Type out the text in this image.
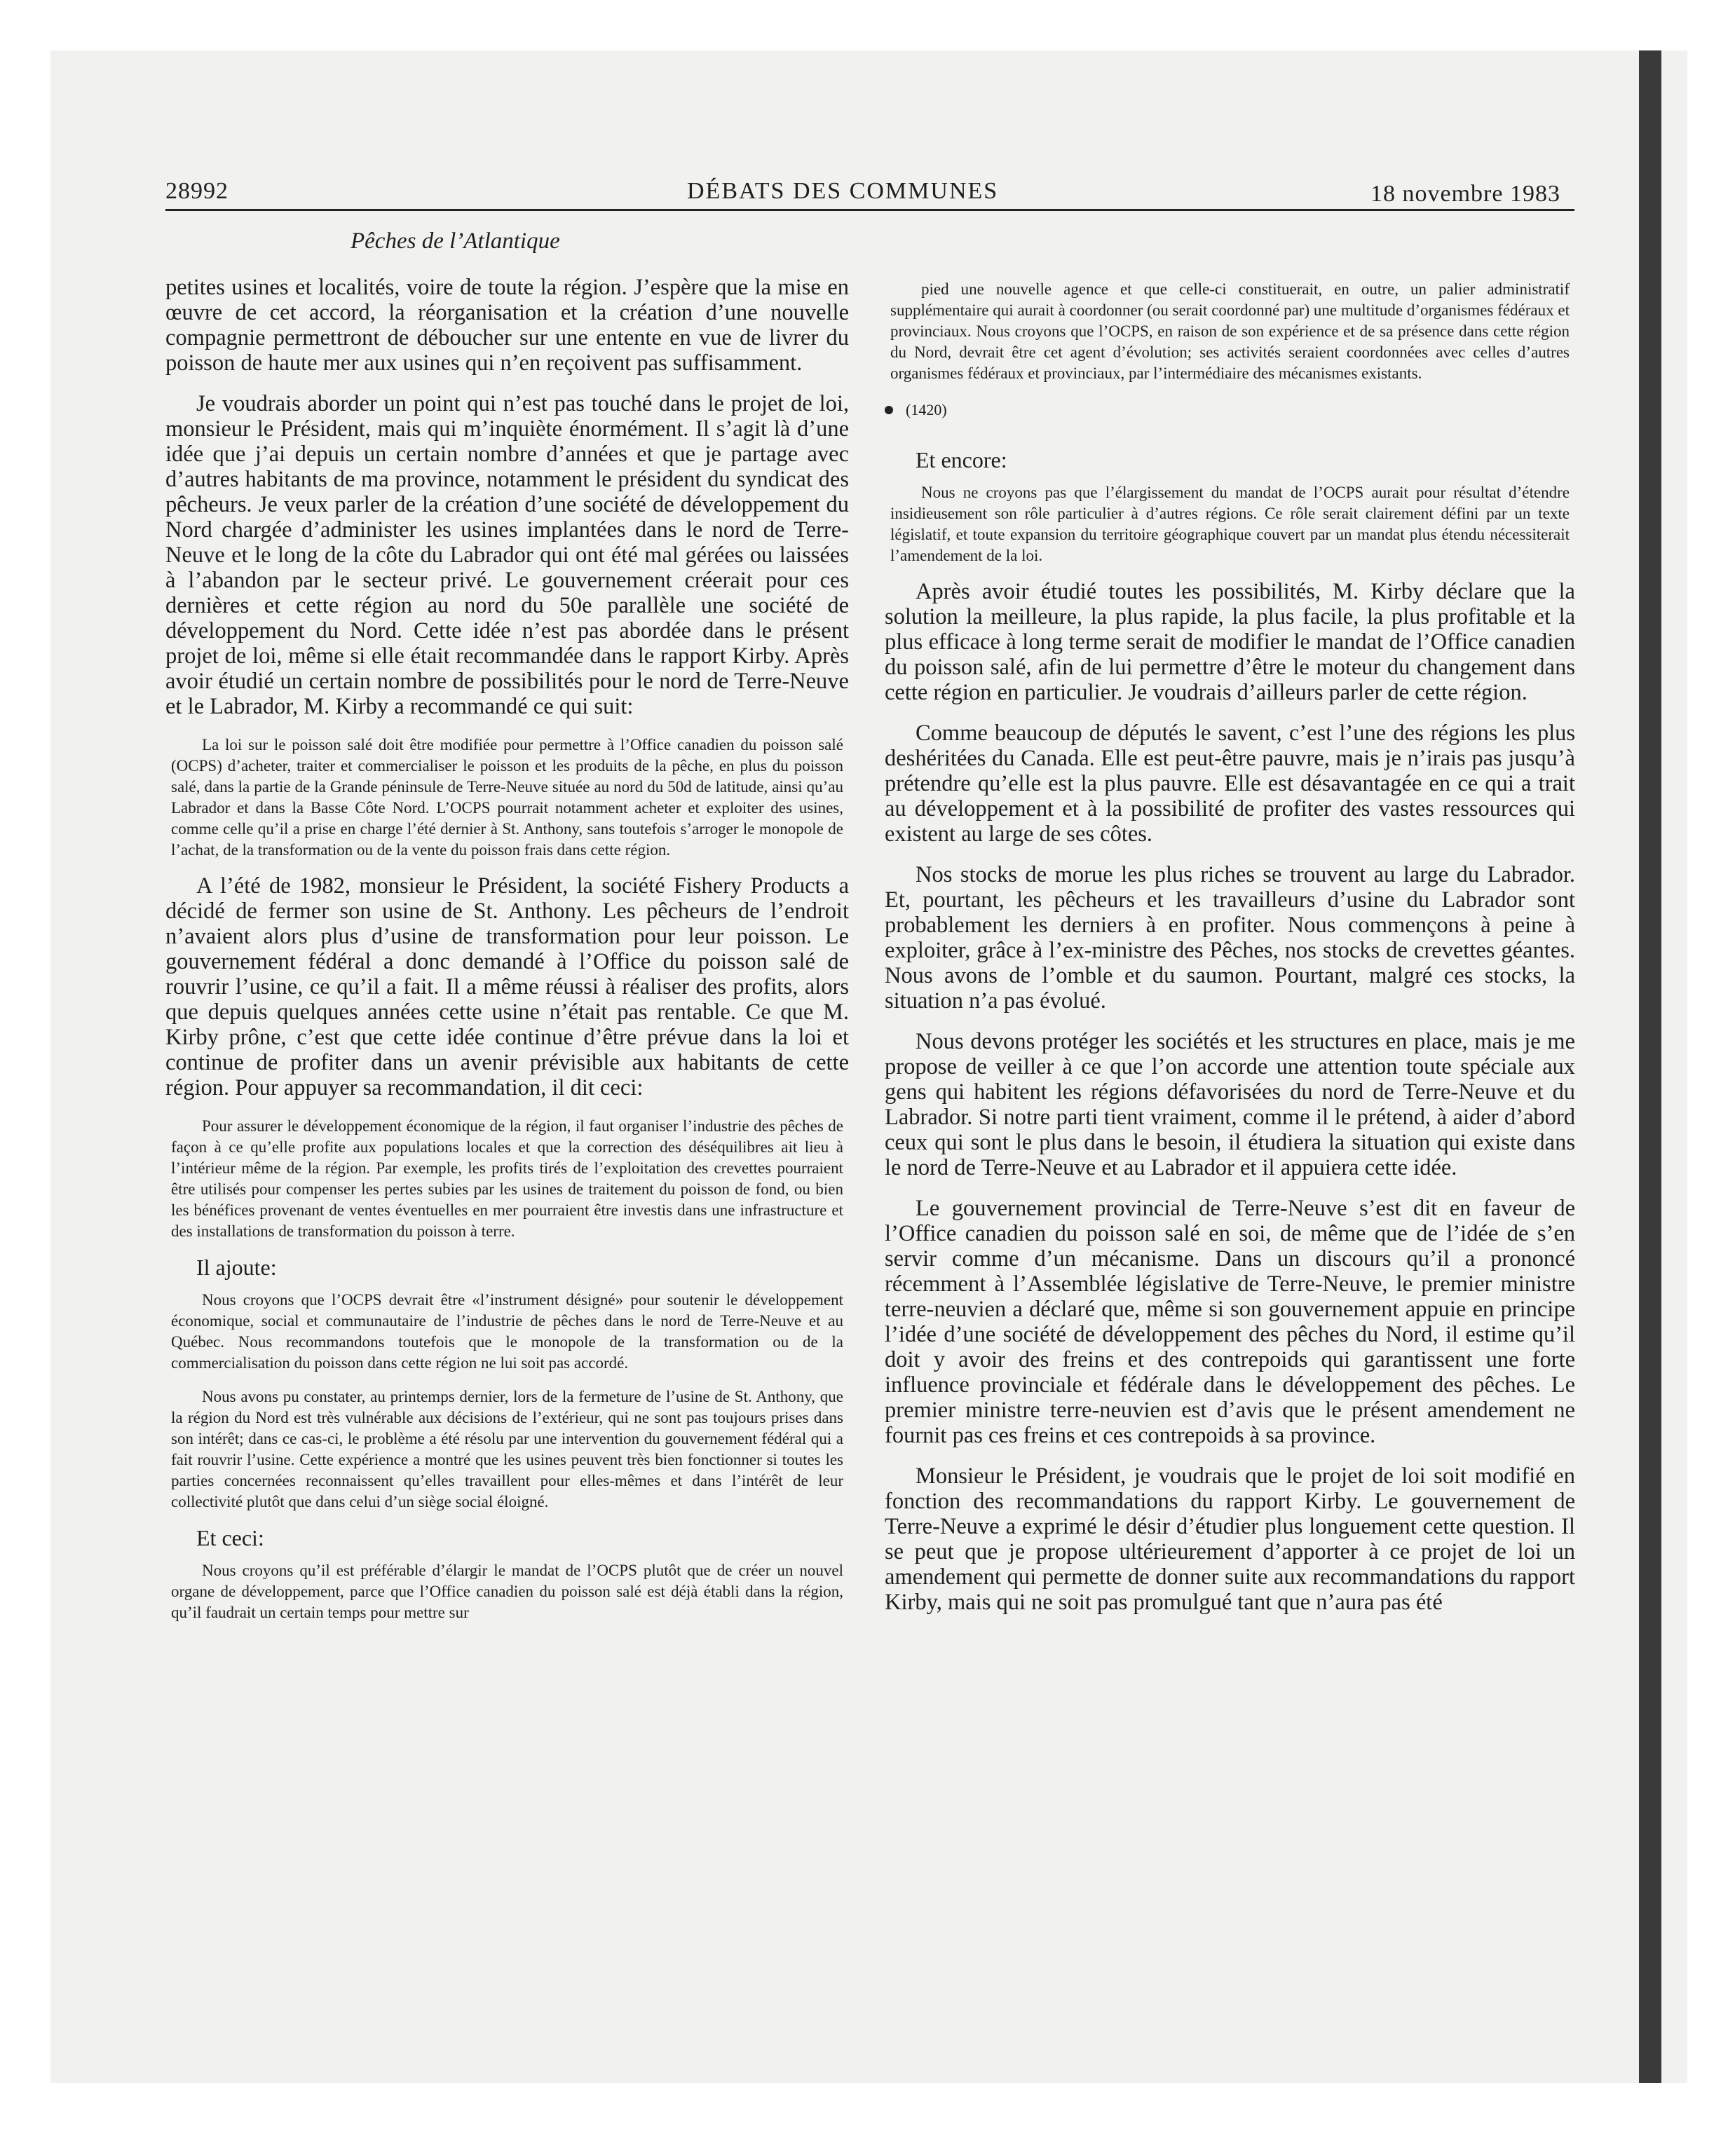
28992	DÉBATS DES COMMUNES	18 novembre 1983
Pêches de l’Atlantique

petites usines et localités, voire de toute la région. J’espère que la mise en œuvre de cet accord, la réorganisation et la création d’une nouvelle compagnie permettront de déboucher sur une entente en vue de livrer du poisson de haute mer aux usines qui n’en reçoivent pas suffisamment.

Je voudrais aborder un point qui n’est pas touché dans le projet de loi, monsieur le Président, mais qui m’inquiète énormément. Il s’agit là d’une idée que j’ai depuis un certain nombre d’années et que je partage avec d’autres habitants de ma province, notamment le président du syndicat des pêcheurs. Je veux parler de la création d’une société de développement du Nord chargée d’administer les usines implantées dans le nord de Terre-Neuve et le long de la côte du Labrador qui ont été mal gérées ou laissées à l’abandon par le secteur privé. Le gouvernement créerait pour ces dernières et cette région au nord du 50e parallèle une société de développement du Nord. Cette idée n’est pas abordée dans le présent projet de loi, même si elle était recommandée dans le rapport Kirby. Après avoir étudié un certain nombre de possibilités pour le nord de Terre-Neuve et le Labrador, M. Kirby a recommandé ce qui suit:

La loi sur le poisson salé doit être modifiée pour permettre à l’Office canadien du poisson salé (OCPS) d’acheter, traiter et commercialiser le poisson et les produits de la pêche, en plus du poisson salé, dans la partie de la Grande péninsule de Terre-Neuve située au nord du 50d de latitude, ainsi qu’au Labrador et dans la Basse Côte Nord. L’OCPS pourrait notamment acheter et exploiter des usines, comme celle qu’il a prise en charge l’été dernier à St. Anthony, sans toutefois s’arroger le monopole de l’achat, de la transformation ou de la vente du poisson frais dans cette région.

A l’été de 1982, monsieur le Président, la société Fishery Products a décidé de fermer son usine de St. Anthony. Les pêcheurs de l’endroit n’avaient alors plus d’usine de transformation pour leur poisson. Le gouvernement fédéral a donc demandé à l’Office du poisson salé de rouvrir l’usine, ce qu’il a fait. Il a même réussi à réaliser des profits, alors que depuis quelques années cette usine n’était pas rentable. Ce que M. Kirby prône, c’est que cette idée continue d’être prévue dans la loi et continue de profiter dans un avenir prévisible aux habitants de cette région. Pour appuyer sa recommandation, il dit ceci:

Pour assurer le développement économique de la région, il faut organiser l’industrie des pêches de façon à ce qu’elle profite aux populations locales et que la correction des déséquilibres ait lieu à l’intérieur même de la région. Par exemple, les profits tirés de l’exploitation des crevettes pourraient être utilisés pour compenser les pertes subies par les usines de traitement du poisson de fond, ou bien les bénéfices provenant de ventes éventuelles en mer pourraient être investis dans une infrastructure et des installations de transformation du poisson à terre.

Il ajoute:

Nous croyons que l’OCPS devrait être «l’instrument désigné» pour soutenir le développement économique, social et communautaire de l’industrie de pêches dans le nord de Terre-Neuve et au Québec. Nous recommandons toutefois que le monopole de la transformation ou de la commercialisation du poisson dans cette région ne lui soit pas accordé.

Nous avons pu constater, au printemps dernier, lors de la fermeture de l’usine de St. Anthony, que la région du Nord est très vulnérable aux décisions de l’extérieur, qui ne sont pas toujours prises dans son intérêt; dans ce cas-ci, le problème a été résolu par une intervention du gouvernement fédéral qui a fait rouvrir l’usine. Cette expérience a montré que les usines peuvent très bien fonctionner si toutes les parties concernées reconnaissent qu’elles travaillent pour elles-mêmes et dans l’intérêt de leur collectivité plutôt que dans celui d’un siège social éloigné.

Et ceci:

Nous croyons qu’il est préférable d’élargir le mandat de l’OCPS plutôt que de créer un nouvel organe de développement, parce que l’Office canadien du poisson salé est déjà établi dans la région, qu’il faudrait un certain temps pour mettre sur

pied une nouvelle agence et que celle-ci constituerait, en outre, un palier administratif supplémentaire qui aurait à coordonner (ou serait coordonné par) une multitude d’organismes fédéraux et provinciaux. Nous croyons que l’OCPS, en raison de son expérience et de sa présence dans cette région du Nord, devrait être cet agent d’évolution; ses activités seraient coordonnées avec celles d’autres organismes fédéraux et provinciaux, par l’intermédiaire des mécanismes existants.

(1420)

Et encore:

Nous ne croyons pas que l’élargissement du mandat de l’OCPS aurait pour résultat d’étendre insidieusement son rôle particulier à d’autres régions. Ce rôle serait clairement défini par un texte législatif, et toute expansion du territoire géographique couvert par un mandat plus étendu nécessiterait l’amendement de la loi.

Après avoir étudié toutes les possibilités, M. Kirby déclare que la solution la meilleure, la plus rapide, la plus facile, la plus profitable et la plus efficace à long terme serait de modifier le mandat de l’Office canadien du poisson salé, afin de lui permettre d’être le moteur du changement dans cette région en particulier. Je voudrais d’ailleurs parler de cette région.

Comme beaucoup de députés le savent, c’est l’une des régions les plus deshéritées du Canada. Elle est peut-être pauvre, mais je n’irais pas jusqu’à prétendre qu’elle est la plus pauvre. Elle est désavantagée en ce qui a trait au développement et à la possibilité de profiter des vastes ressources qui existent au large de ses côtes.

Nos stocks de morue les plus riches se trouvent au large du Labrador. Et, pourtant, les pêcheurs et les travailleurs d’usine du Labrador sont probablement les derniers à en profiter. Nous commençons à peine à exploiter, grâce à l’ex-ministre des Pêches, nos stocks de crevettes géantes. Nous avons de l’omble et du saumon. Pourtant, malgré ces stocks, la situation n’a pas évolué.

Nous devons protéger les sociétés et les structures en place, mais je me propose de veiller à ce que l’on accorde une attention toute spéciale aux gens qui habitent les régions défavorisées du nord de Terre-Neuve et du Labrador. Si notre parti tient vraiment, comme il le prétend, à aider d’abord ceux qui sont le plus dans le besoin, il étudiera la situation qui existe dans le nord de Terre-Neuve et au Labrador et il appuiera cette idée.

Le gouvernement provincial de Terre-Neuve s’est dit en faveur de l’Office canadien du poisson salé en soi, de même que de l’idée de s’en servir comme d’un mécanisme. Dans un discours qu’il a prononcé récemment à l’Assemblée législative de Terre-Neuve, le premier ministre terre-neuvien a déclaré que, même si son gouvernement appuie en principe l’idée d’une société de développement des pêches du Nord, il estime qu’il doit y avoir des freins et des contrepoids qui garantissent une forte influence provinciale et fédérale dans le développement des pêches. Le premier ministre terre-neuvien est d’avis que le présent amendement ne fournit pas ces freins et ces contrepoids à sa province.

Monsieur le Président, je voudrais que le projet de loi soit modifié en fonction des recommandations du rapport Kirby. Le gouvernement de Terre-Neuve a exprimé le désir d’étudier plus longuement cette question. Il se peut que je propose ultérieurement d’apporter à ce projet de loi un amendement qui permette de donner suite aux recommandations du rapport Kirby, mais qui ne soit pas promulgué tant que n’aura pas été
